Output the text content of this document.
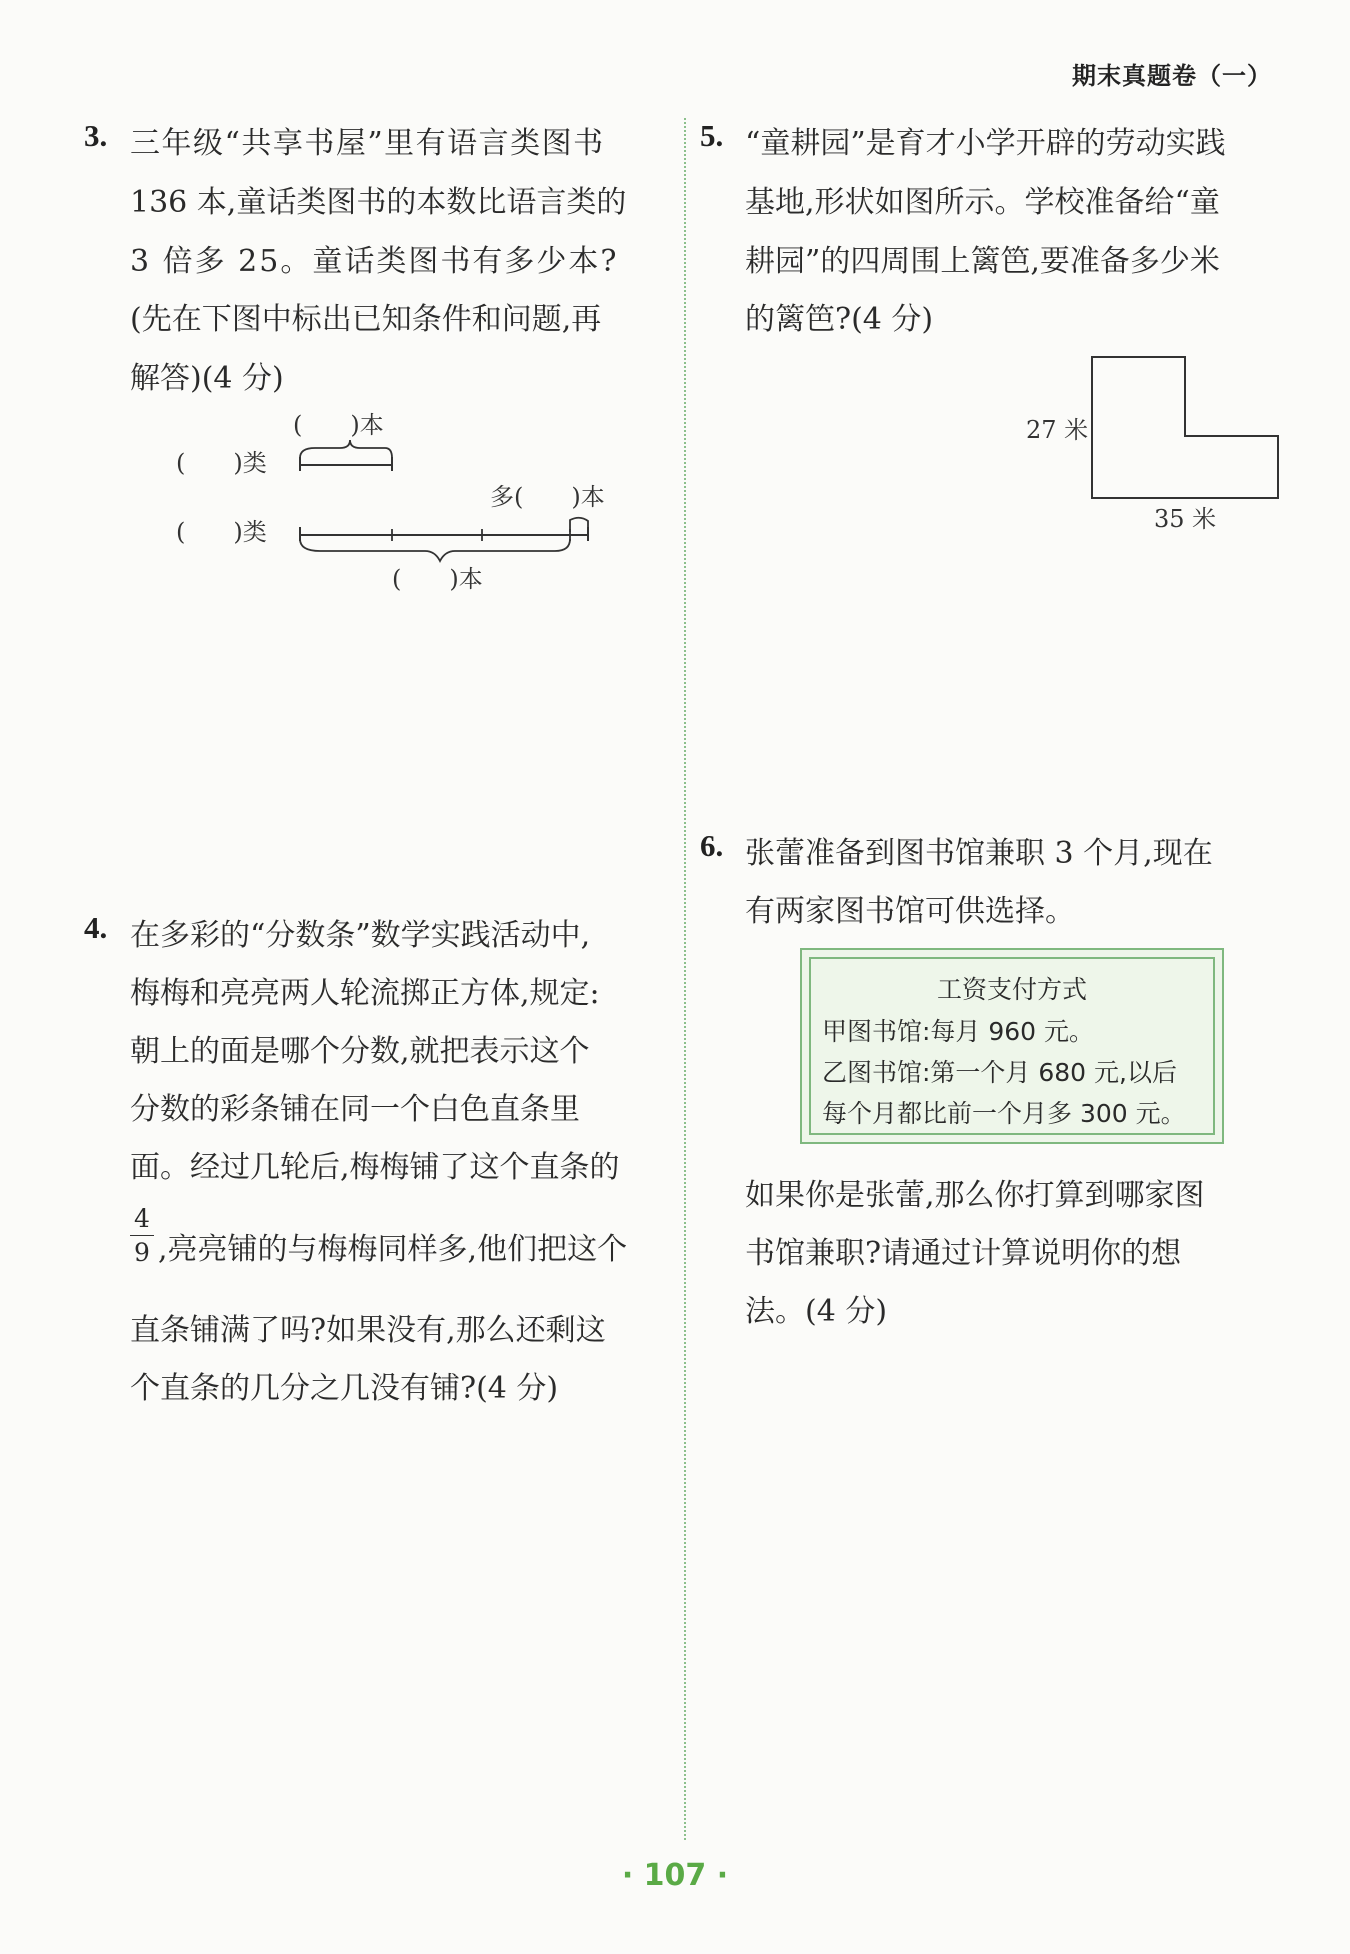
期末真题卷（一）
3. 三年级“共享书屋”里有语言类图书
136 本,童话类图书的本数比语言类的
3 倍多 25。童话类图书有多少本?
(先在下图中标出已知条件和问题,再
解答)(4 分)
(　　)本
(　　)类
多(　　)本
(　　)类
(　　)本
4. 在多彩的“分数条”数学实践活动中,
梅梅和亮亮两人轮流掷正方体,规定:
朝上的面是哪个分数,就把表示这个
分数的彩条铺在同一个白色直条里
面。经过几轮后,梅梅铺了这个直条的
4
9 ,亮亮铺的与梅梅同样多,他们把这个
直条铺满了吗?如果没有,那么还剩这
个直条的几分之几没有铺?(4 分)
5. “童耕园”是育才小学开辟的劳动实践
基地,形状如图所示。学校准备给“童
耕园”的四周围上篱笆,要准备多少米
的篱笆?(4 分)
27 米
35 米
6. 张蕾准备到图书馆兼职 3 个月,现在
有两家图书馆可供选择。
工资支付方式
甲图书馆:每月 960 元。
乙图书馆:第一个月 680 元,以后
每个月都比前一个月多 300 元。
如果你是张蕾,那么你打算到哪家图
书馆兼职?请通过计算说明你的想
法。(4 分)
· 107 ·
